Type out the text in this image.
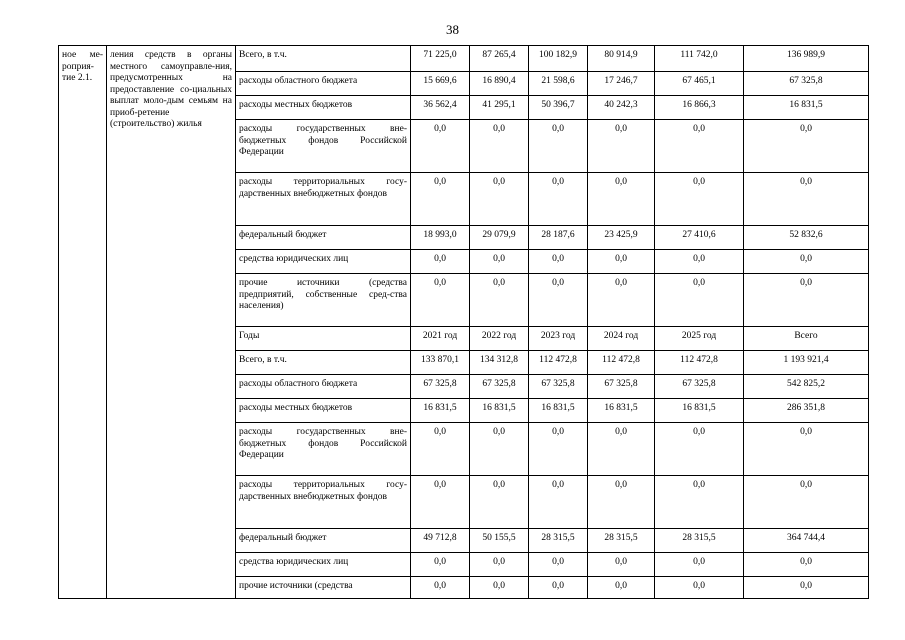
38
ное ме-роприя-тие 2.1.	ления средств в органы местного самоуправле-ния, предусмотренных на предоставление со-циальных выплат моло-дым семьям на приоб-ретение (строительство) жилья	Всего, в т.ч.	71 225,0	87 265,4	100 182,9	80 914,9	111 742,0	136 989,9
		расходы областного бюджета	15 669,6	16 890,4	21 598,6	17 246,7	67 465,1	67 325,8
		расходы местных бюджетов	36 562,4	41 295,1	50 396,7	40 242,3	16 866,3	16 831,5
		расходы государственных вне-бюджетных фондов Российской Федерации	0,0	0,0	0,0	0,0	0,0	0,0
		расходы территориальных госу-дарственных внебюджетных фондов	0,0	0,0	0,0	0,0	0,0	0,0
		федеральный бюджет	18 993,0	29 079,9	28 187,6	23 425,9	27 410,6	52 832,6
		средства юридических лиц	0,0	0,0	0,0	0,0	0,0	0,0
		прочие источники (средства предприятий, собственные сред-ства населения)	0,0	0,0	0,0	0,0	0,0	0,0
		Годы	2021 год	2022 год	2023 год	2024 год	2025 год	Всего
		Всего, в т.ч.	133 870,1	134 312,8	112 472,8	112 472,8	112 472,8	1 193 921,4
		расходы областного бюджета	67 325,8	67 325,8	67 325,8	67 325,8	67 325,8	542 825,2
		расходы местных бюджетов	16 831,5	16 831,5	16 831,5	16 831,5	16 831,5	286 351,8
		расходы государственных вне-бюджетных фондов Российской Федерации	0,0	0,0	0,0	0,0	0,0	0,0
		расходы территориальных госу-дарственных внебюджетных фондов	0,0	0,0	0,0	0,0	0,0	0,0
		федеральный бюджет	49 712,8	50 155,5	28 315,5	28 315,5	28 315,5	364 744,4
		средства юридических лиц	0,0	0,0	0,0	0,0	0,0	0,0
		прочие источники (средства	0,0	0,0	0,0	0,0	0,0	0,0
